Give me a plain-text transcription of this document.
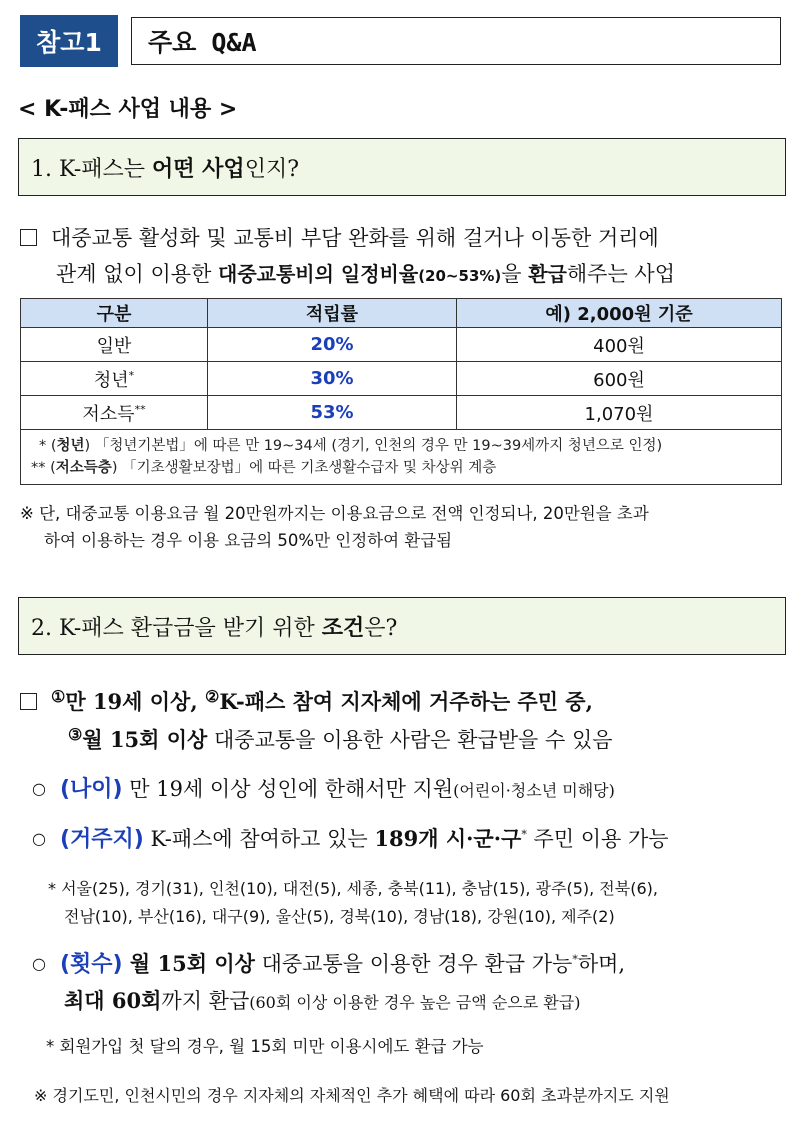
참고1	주요 Q&A
< K-패스 사업 내용 >
1. K-패스는 어떤 사업 인지?
대중교통 활성화 및 교통비 부담 완화를 위해 걸거나 이동한 거리에
관계 없이 이용한 대중교통비의 일정비율(20~53%)을 환급해주는 사업
구분	적립률	예) 2,000원 기준
일반	20%	400원
청년*	30%	600원
저소득**	53%	1,070원

* (청년) 「청년기본법」에 따른 만 19~34세 (경기, 인천의 경우 만 19~39세까지 청년으로 인정)
** (저소득층) 「기초생활보장법」에 따른 기초생활수급자 및 차상위 계층		
※ 단, 대중교통 이용요금 월 20만원까지는 이용요금으로 전액 인정되나, 20만원을 초과
하여 이용하는 경우 이용 요금의 50%만 인정하여 환급됨
2. K-패스 환급금을 받기 위한 조건 은?
①만 19세 이상, ②K-패스 참여 지자체에 거주하는 주민 중,
③월 15회 이상 대중교통을 이용한 사람은 환급받을 수 있음
○ (나이) 만 19세 이상 성인에 한해서만 지원(어린이·청소년 미해당)
○ (거주지) K-패스에 참여하고 있는 189개 시·군·구* 주민 이용 가능
* 서울(25), 경기(31), 인천(10), 대전(5), 세종, 충북(11), 충남(15), 광주(5), 전북(6),
전남(10), 부산(16), 대구(9), 울산(5), 경북(10), 경남(18), 강원(10), 제주(2)
○ (횟수) 월 15회 이상 대중교통을 이용한 경우 환급 가능*하며,
최대 60회까지 환급(60회 이상 이용한 경우 높은 금액 순으로 환급)
* 회원가입 첫 달의 경우, 월 15회 미만 이용시에도 환급 가능
※ 경기도민, 인천시민의 경우 지자체의 자체적인 추가 혜택에 따라 60회 초과분까지도 지원
